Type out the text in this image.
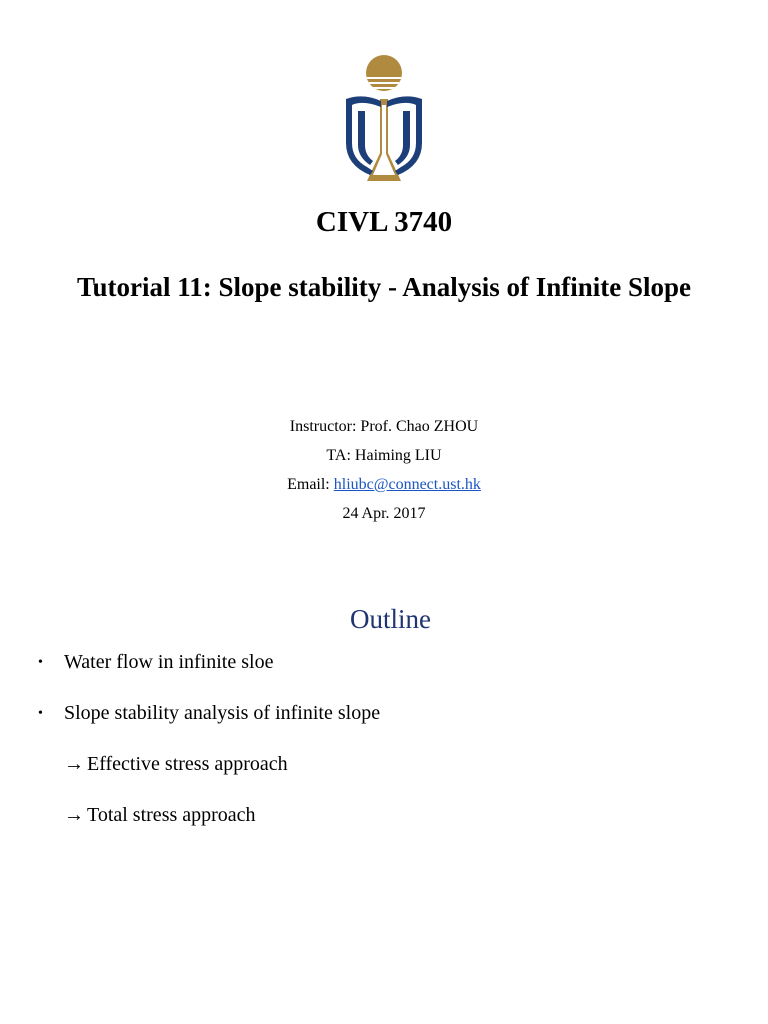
CIVL 3740
Tutorial 11: Slope stability - Analysis of Infinite Slope
Instructor: Prof. Chao ZHOU
TA: Haiming LIU
Email: hliubc@connect.ust.hk
24 Apr. 2017
Outline
• Water flow in infinite sloe
• Slope stability analysis of infinite slope
→ Effective stress approach
→ Total stress approach
